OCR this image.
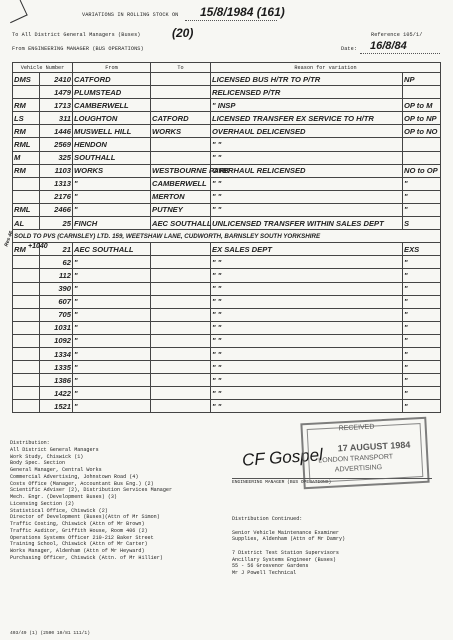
VARIATIONS IN ROLLING STOCK ON 15/8/1984 (161)
To All District General Managers (Buses)	(20)	Reference 105/1/
From ENGINEERING MANAGER (BUS OPERATIONS)	Date: 16/8/84
Vehicle Number		From	To	Reason for variation	
DMS	2410	CATFORD		LICENSED BUS H/TR TO P/TR	NP
	1479	PLUMSTEAD		RELICENSED P/TR	
RM	1713	CAMBERWELL		" INSP	OP to M
LS	311	LOUGHTON	CATFORD	LICENSED TRANSFER EX SERVICE TO H/TR	OP to NP
RM	1446	MUSWELL HILL	WORKS	OVERHAUL DELICENSED	OP to NO
RML	2569	HENDON		" "	
M	325	SOUTHALL		" "	
RM	1103	WORKS	WESTBOURNE PARK	OVERHAUL RELICENSED	NO to OP
	1313	"	CAMBERWELL	" "	"
	2176	"	MERTON	" "	"
RML	2466	"	PUTNEY	" "	"
AL	25	FINCH	AEC SOUTHALL	UNLICENSED TRANSFER WITHIN SALES DEPT	S
SOLD TO PVS (CARNSLEY) LTD. 159, WEETSHAW LANE, CUDWORTH, BARNSLEY SOUTH YORKSHIRE					
RM	21	AEC SOUTHALL		EX SALES DEPT	EXS
	62	"		" "	"
	112	"		" "	"
	390	"		" "	"
	607	"		" "	"
	705	"		" "	"
	1031	"		" "	"
	1092	"		" "	"
	1334	"		" "	"
	1335	"		" "	"
	1386	"		" "	"
	1422	"		" "	"
	1521	"		" "	"
+1040
Res 46
Distribution:
All District General Managers
Work Study, Chiswick (1)
Body Spec. Section
General Manager, Central Works
Commercial Advertising, Johnstown Road (4)
Costs Office (Manager, Accountant Bus Eng.) (2)
Scientific Adviser (2), Distribution Services Manager
Mech. Engr. (Development Buses) (3)
Licensing Section (2)
Statistical Office, Chiswick (2)
Director of Development (Buses)(Attn of Mr Simon)
Traffic Costing, Chiswick (Attn of Mr Brown)
Traffic Auditor, Griffith House, Room 406 (2)
Operations Systems Officer 210-212 Baker Street
Training School, Chiswick (Attn of Mr Carter)
Works Manager, Aldenham (Attn of Mr Heyward)
Purchasing Officer, Chiswick (Attn. of Mr Hillier)
CF Gospel
ENGINEERING MANAGER (BUS OPERATIONS)
Distribution Continued:
Senior Vehicle Maintenance Examiner
Supplies, Aldenham (Attn of Mr Damry)
7 District Test Station Supervisors
Ancillary Systems Engineer (Buses)
55 - 56 Grosvenor Gardens
Mr J Powell Technical
RECEIVED
17 AUGUST 1984
LONDON TRANSPORT
ADVERTISING
403/49 (1) (2500 10/81 111/1)
